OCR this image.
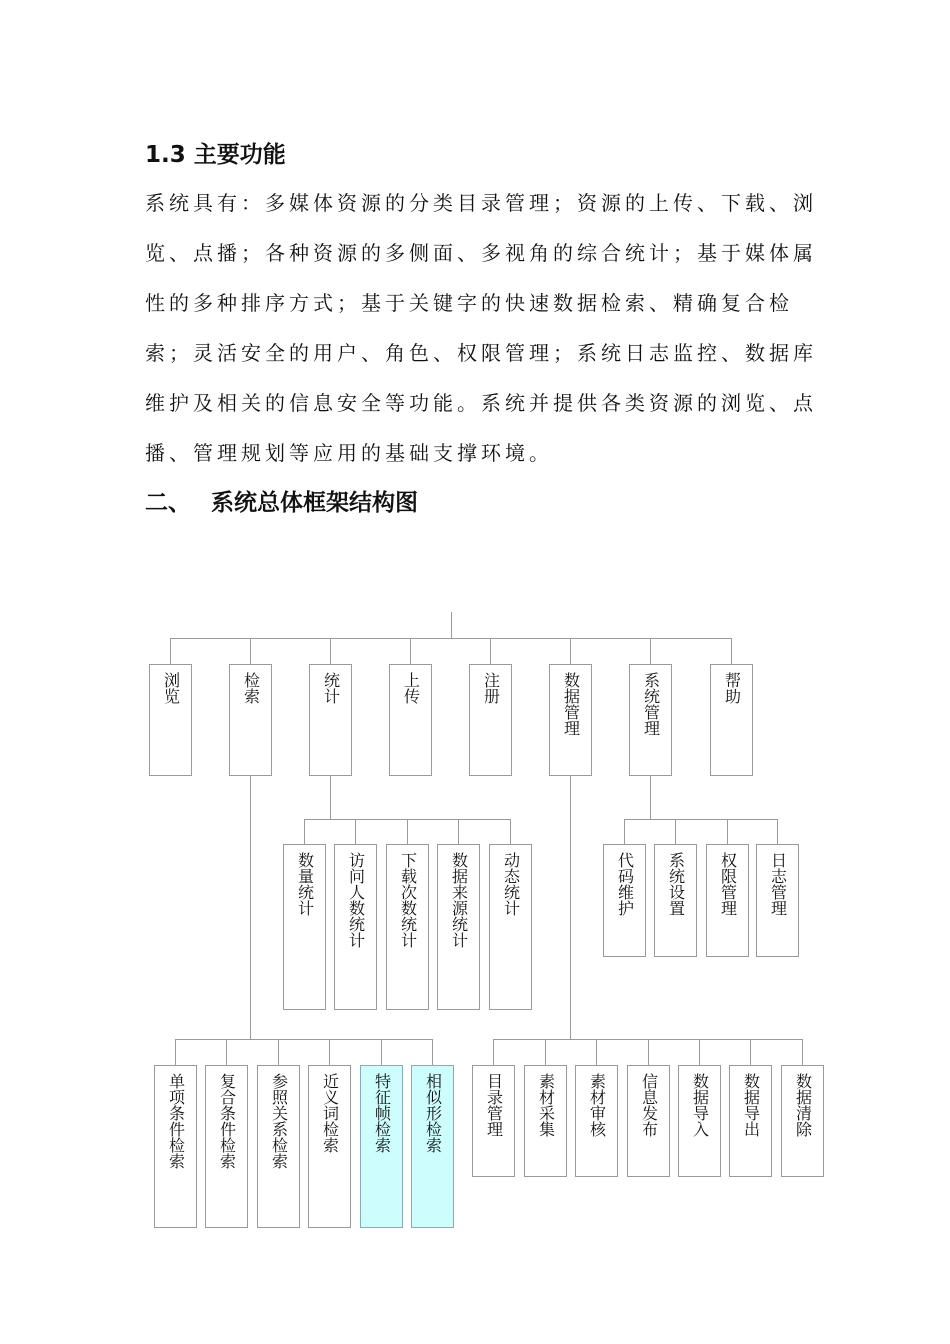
1.3 主要功能

系统具有：多媒体资源的分类目录管理；资源的上传、下载、浏览、点播；各种资源的多侧面、多视角的综合统计；基于媒体属性的多种排序方式；基于关键字的快速数据检索、精确复合检索；灵活安全的用户、角色、权限管理；系统日志监控、数据库维护及相关的信息安全等功能。系统并提供各类资源的浏览、点播、管理规划等应用的基础支撑环境。

二、 系统总体框架结构图
浏览	检索	统计	上传	注册	数据管理	系统管理	帮助
数量统计 访问人数统计 下载次数统计 数据来源统计 动态统计	代码维护 系统设置 权限管理 日志管理
单项条件检索 复合条件检索 参照关系检索 近义词检索 特征帧检索 相似形检索	目录管理 素材采集 素材审核 信息发布 数据导入 数据导出 数据清除
